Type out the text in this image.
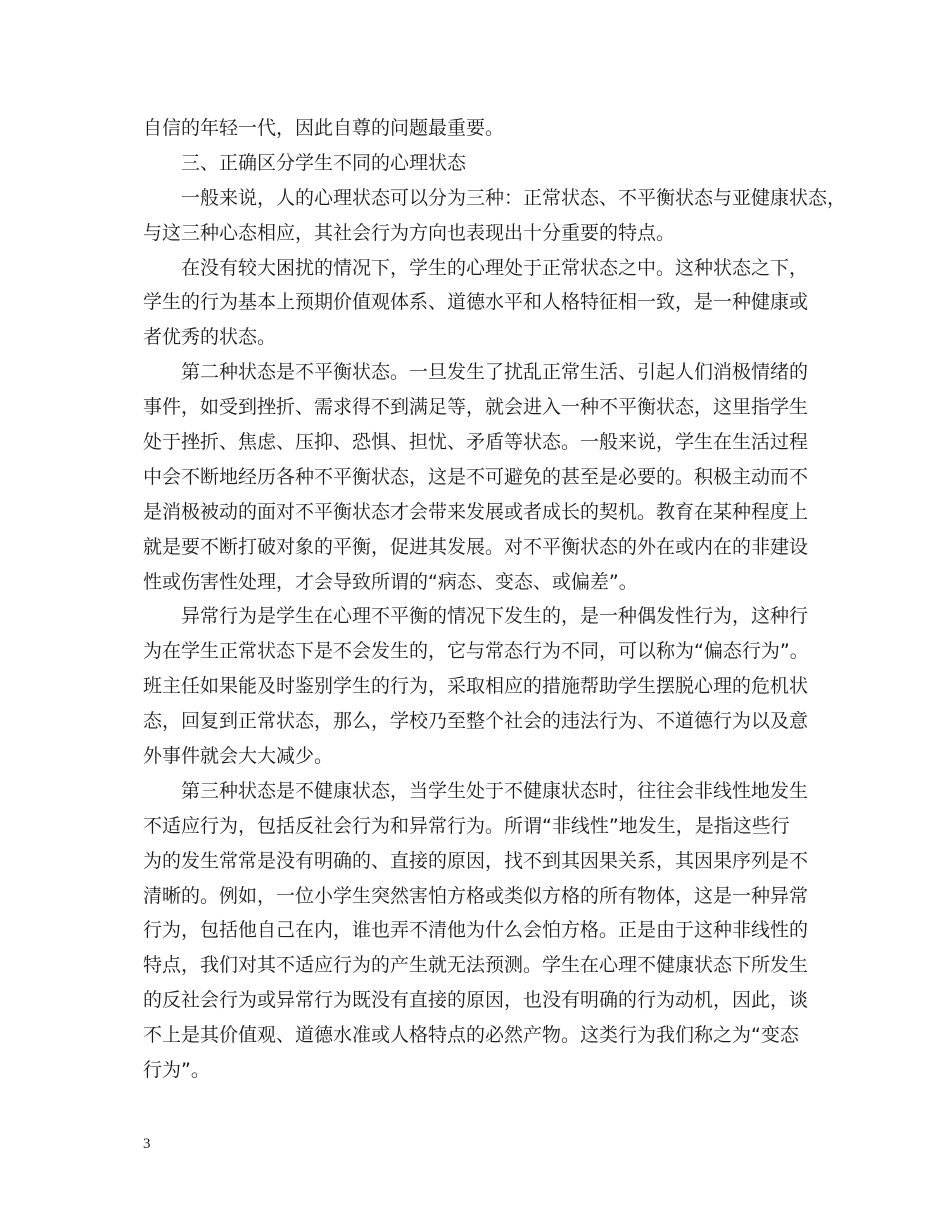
自信的年轻一代，因此自尊的问题最重要。
三、正确区分学生不同的心理状态
一般来说，人的心理状态可以分为三种：正常状态、不平衡状态与亚健康状态，
与这三种心态相应，其社会行为方向也表现出十分重要的特点。
在没有较大困扰的情况下，学生的心理处于正常状态之中。这种状态之下，
学生的行为基本上预期价值观体系、道德水平和人格特征相一致，是一种健康或
者优秀的状态。
第二种状态是不平衡状态。一旦发生了扰乱正常生活、引起人们消极情绪的
事件，如受到挫折、需求得不到满足等，就会进入一种不平衡状态，这里指学生
处于挫折、焦虑、压抑、恐惧、担忧、矛盾等状态。一般来说，学生在生活过程
中会不断地经历各种不平衡状态，这是不可避免的甚至是必要的。积极主动而不
是消极被动的面对不平衡状态才会带来发展或者成长的契机。教育在某种程度上
就是要不断打破对象的平衡，促进其发展。对不平衡状态的外在或内在的非建设
性或伤害性处理，才会导致所谓的“病态、变态、或偏差”。
异常行为是学生在心理不平衡的情况下发生的，是一种偶发性行为，这种行
为在学生正常状态下是不会发生的，它与常态行为不同，可以称为“偏态行为”。
班主任如果能及时鉴别学生的行为，采取相应的措施帮助学生摆脱心理的危机状
态，回复到正常状态，那么，学校乃至整个社会的违法行为、不道德行为以及意
外事件就会大大减少。
第三种状态是不健康状态，当学生处于不健康状态时，往往会非线性地发生
不适应行为，包括反社会行为和异常行为。所谓“非线性”地发生，是指这些行
为的发生常常是没有明确的、直接的原因，找不到其因果关系，其因果序列是不
清晰的。例如，一位小学生突然害怕方格或类似方格的所有物体，这是一种异常
行为，包括他自己在内，谁也弄不清他为什么会怕方格。正是由于这种非线性的
特点，我们对其不适应行为的产生就无法预测。学生在心理不健康状态下所发生
的反社会行为或异常行为既没有直接的原因，也没有明确的行为动机，因此，谈
不上是其价值观、道德水准或人格特点的必然产物。这类行为我们称之为“变态
行为”。
3
